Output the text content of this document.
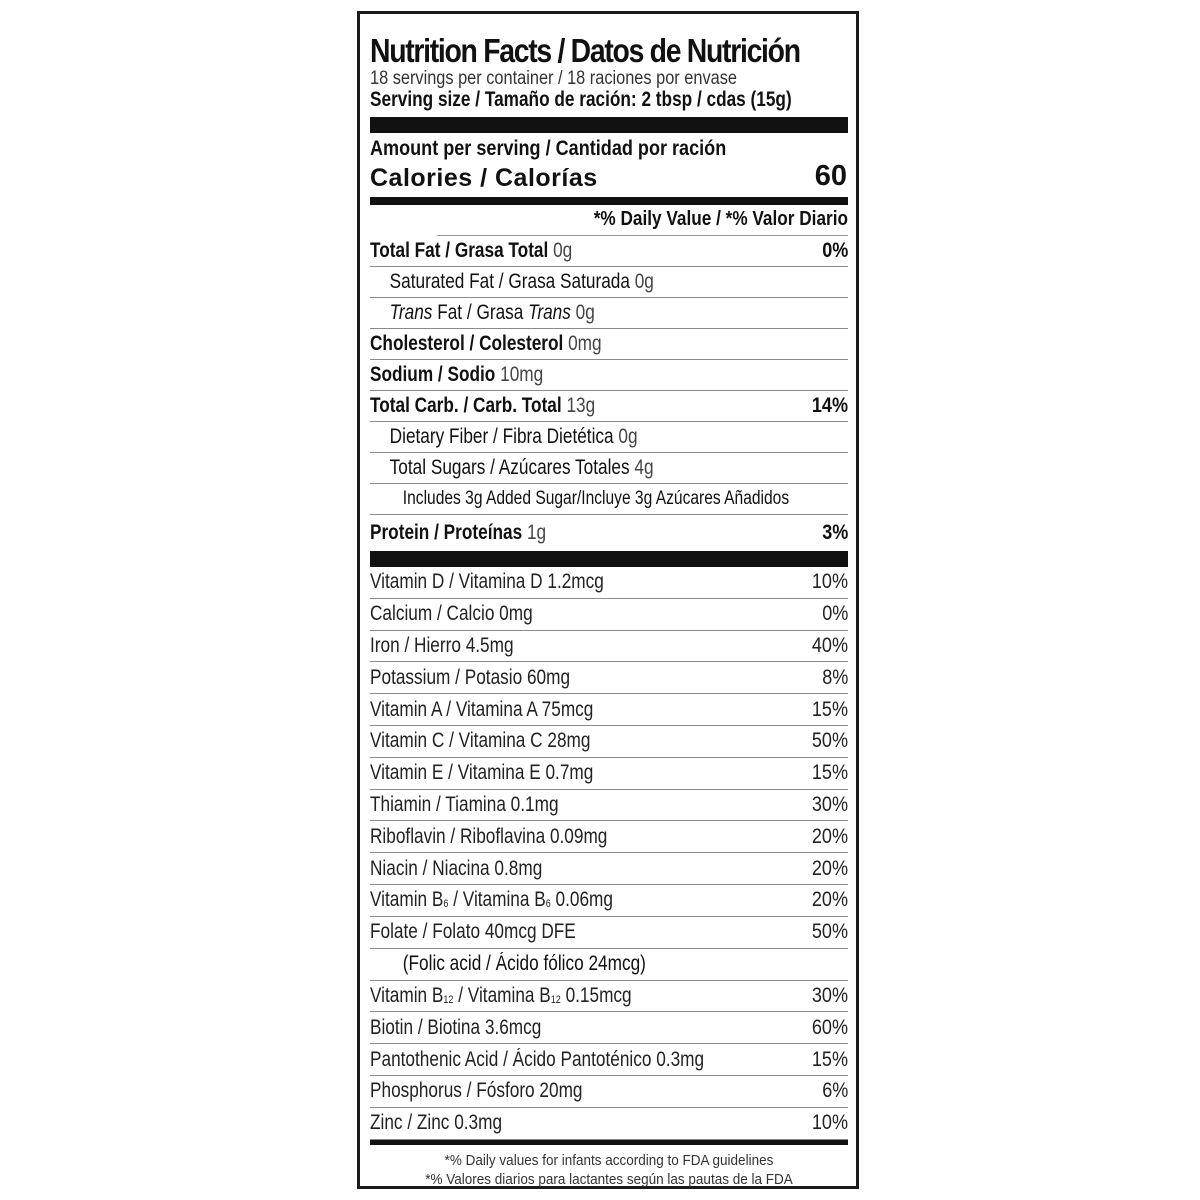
Nutrition Facts / Datos de Nutrición
18 servings per container / 18 raciones por envase
Serving size / Tamaño de ración: 2 tbsp / cdas (15g)
Amount per serving / Cantidad por ración
Calories / Calorías	60
*% Daily Value / *% Valor Diario
Total Fat / Grasa Total 0g	0%
Saturated Fat / Grasa Saturada 0g
Trans Fat / Grasa Trans 0g
Cholesterol / Colesterol 0mg
Sodium / Sodio 10mg
Total Carb. / Carb. Total 13g	14%
Dietary Fiber / Fibra Dietética 0g
Total Sugars / Azúcares Totales 4g
Includes 3g Added Sugar/Incluye 3g Azúcares Añadidos
Protein / Proteínas 1g	3%
Vitamin D / Vitamina D 1.2mcg	10%
Calcium / Calcio 0mg	0%
Iron / Hierro 4.5mg	40%
Potassium / Potasio 60mg	8%
Vitamin A / Vitamina A 75mcg	15%
Vitamin C / Vitamina C 28mg	50%
Vitamin E / Vitamina E 0.7mg	15%
Thiamin / Tiamina 0.1mg	30%
Riboflavin / Riboflavina 0.09mg	20%
Niacin / Niacina 0.8mg	20%
Vitamin $B_6$ / Vitamina $B_6$ 0.06mg	20%
Folate / Folato 40mcg DFE	50%
(Folic acid / Ácido fólico 24mcg)
Vitamin $B_{12}$ / Vitamina $B_{12}$ 0.15mcg	30%
Biotin / Biotina 3.6mcg	60%
Pantothenic Acid / Ácido Pantoténico 0.3mg	15%
Phosphorus / Fósforo 20mg	6%
Zinc / Zinc 0.3mg	10%
*% Daily values for infants according to FDA guidelines
*% Valores diarios para lactantes según las pautas de la FDA
